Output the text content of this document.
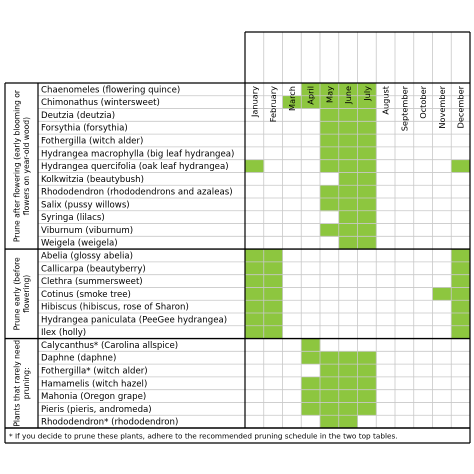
January February March April May June July August September October November December
Chaenomeles (flowering quince)
Chimonathus (wintersweet)
Deutzia (deutzia)
Forsythia (forsythia)
Fothergilla (witch alder)
Hydrangea macrophylla (big leaf hydrangea)
Hydrangea quercifolia (oak leaf hydrangea)
Kolkwitzia (beautybush)
Rhododendron (rhododendrons and azaleas)
Salix (pussy willows)
Syringa (lilacs)
Viburnum (viburnum)
Weigela (weigela)
Abelia (glossy abelia)
Callicarpa (beautyberry)
Clethra (summersweet)
Cotinus (smoke tree)
Hibiscus (hibiscus, rose of Sharon)
Hydrangea paniculata (PeeGee hydrangea)
Ilex (holly)
Calycanthus* (Carolina allspice)
Daphne (daphne)
Fothergilla* (witch alder)
Hamamelis (witch hazel)
Mahonia (Oregon grape)
Pieris (pieris, andromeda)
Rhododendron* (rhododendron)
Prune after flowering (early blooming or flowers on year-old wood)
Prune early (before flowering)
Plants that rarely need pruning:
* If you decide to prune these plants, adhere to the recommended pruning schedule in the two top tables.
